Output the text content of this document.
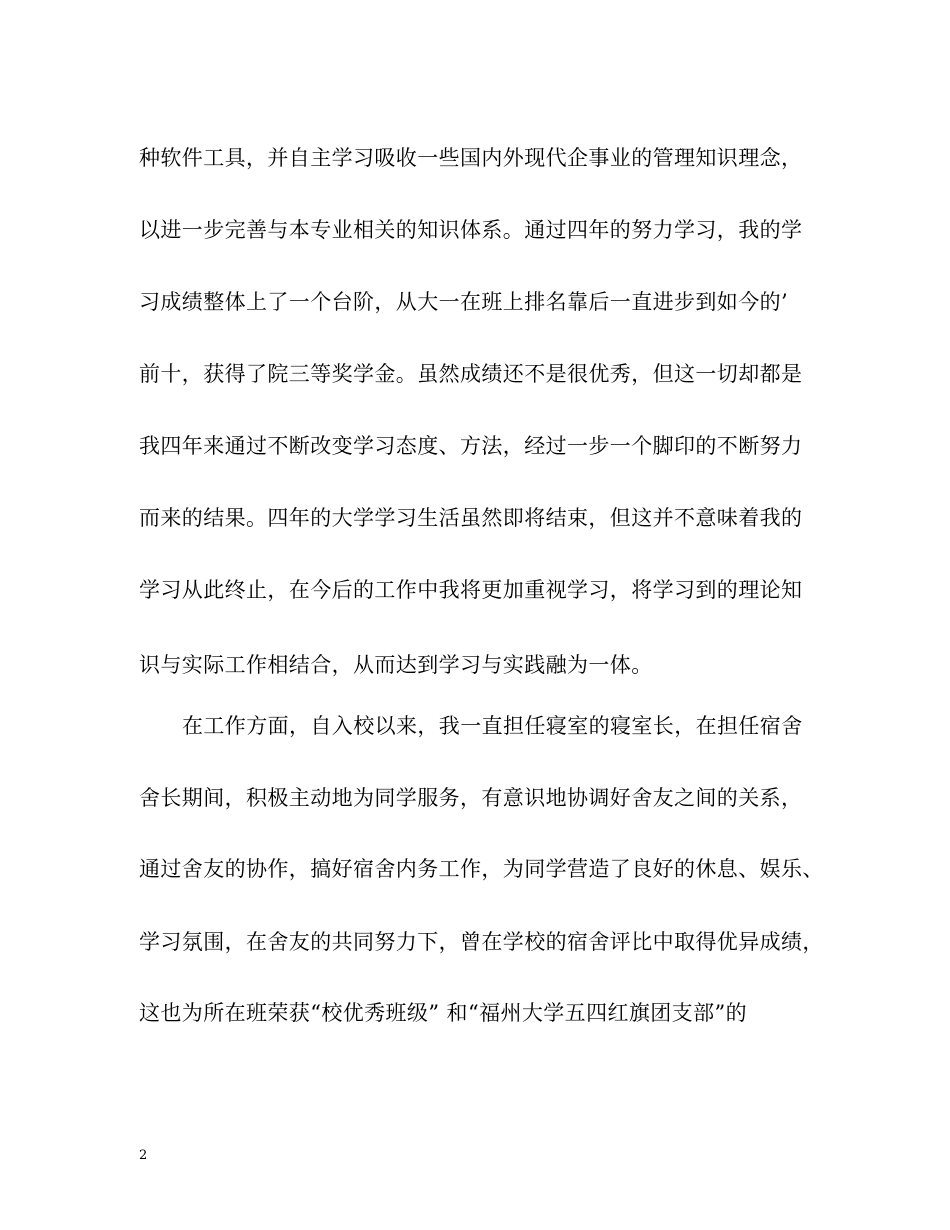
种软件工具，并自主学习吸收一些国内外现代企事业的管理知识理念，
以进一步完善与本专业相关的知识体系。通过四年的努力学习，我的学
习成绩整体上了一个台阶，从大一在班上排名靠后一直进步到如今的’
前十，获得了院三等奖学金。虽然成绩还不是很优秀，但这一切却都是
我四年来通过不断改变学习态度、方法，经过一步一个脚印的不断努力
而来的结果。四年的大学学习生活虽然即将结束，但这并不意味着我的
学习从此终止，在今后的工作中我将更加重视学习，将学习到的理论知
识与实际工作相结合，从而达到学习与实践融为一体。
在工作方面，自入校以来，我一直担任寝室的寝室长，在担任宿舍
舍长期间，积极主动地为同学服务，有意识地协调好舍友之间的关系，
通过舍友的协作，搞好宿舍内务工作，为同学营造了良好的休息、娱乐、
学习氛围，在舍友的共同努力下，曾在学校的宿舍评比中取得优异成绩，
这也为所在班荣获“校优秀班级” 和“福州大学五四红旗团支部”的
2
